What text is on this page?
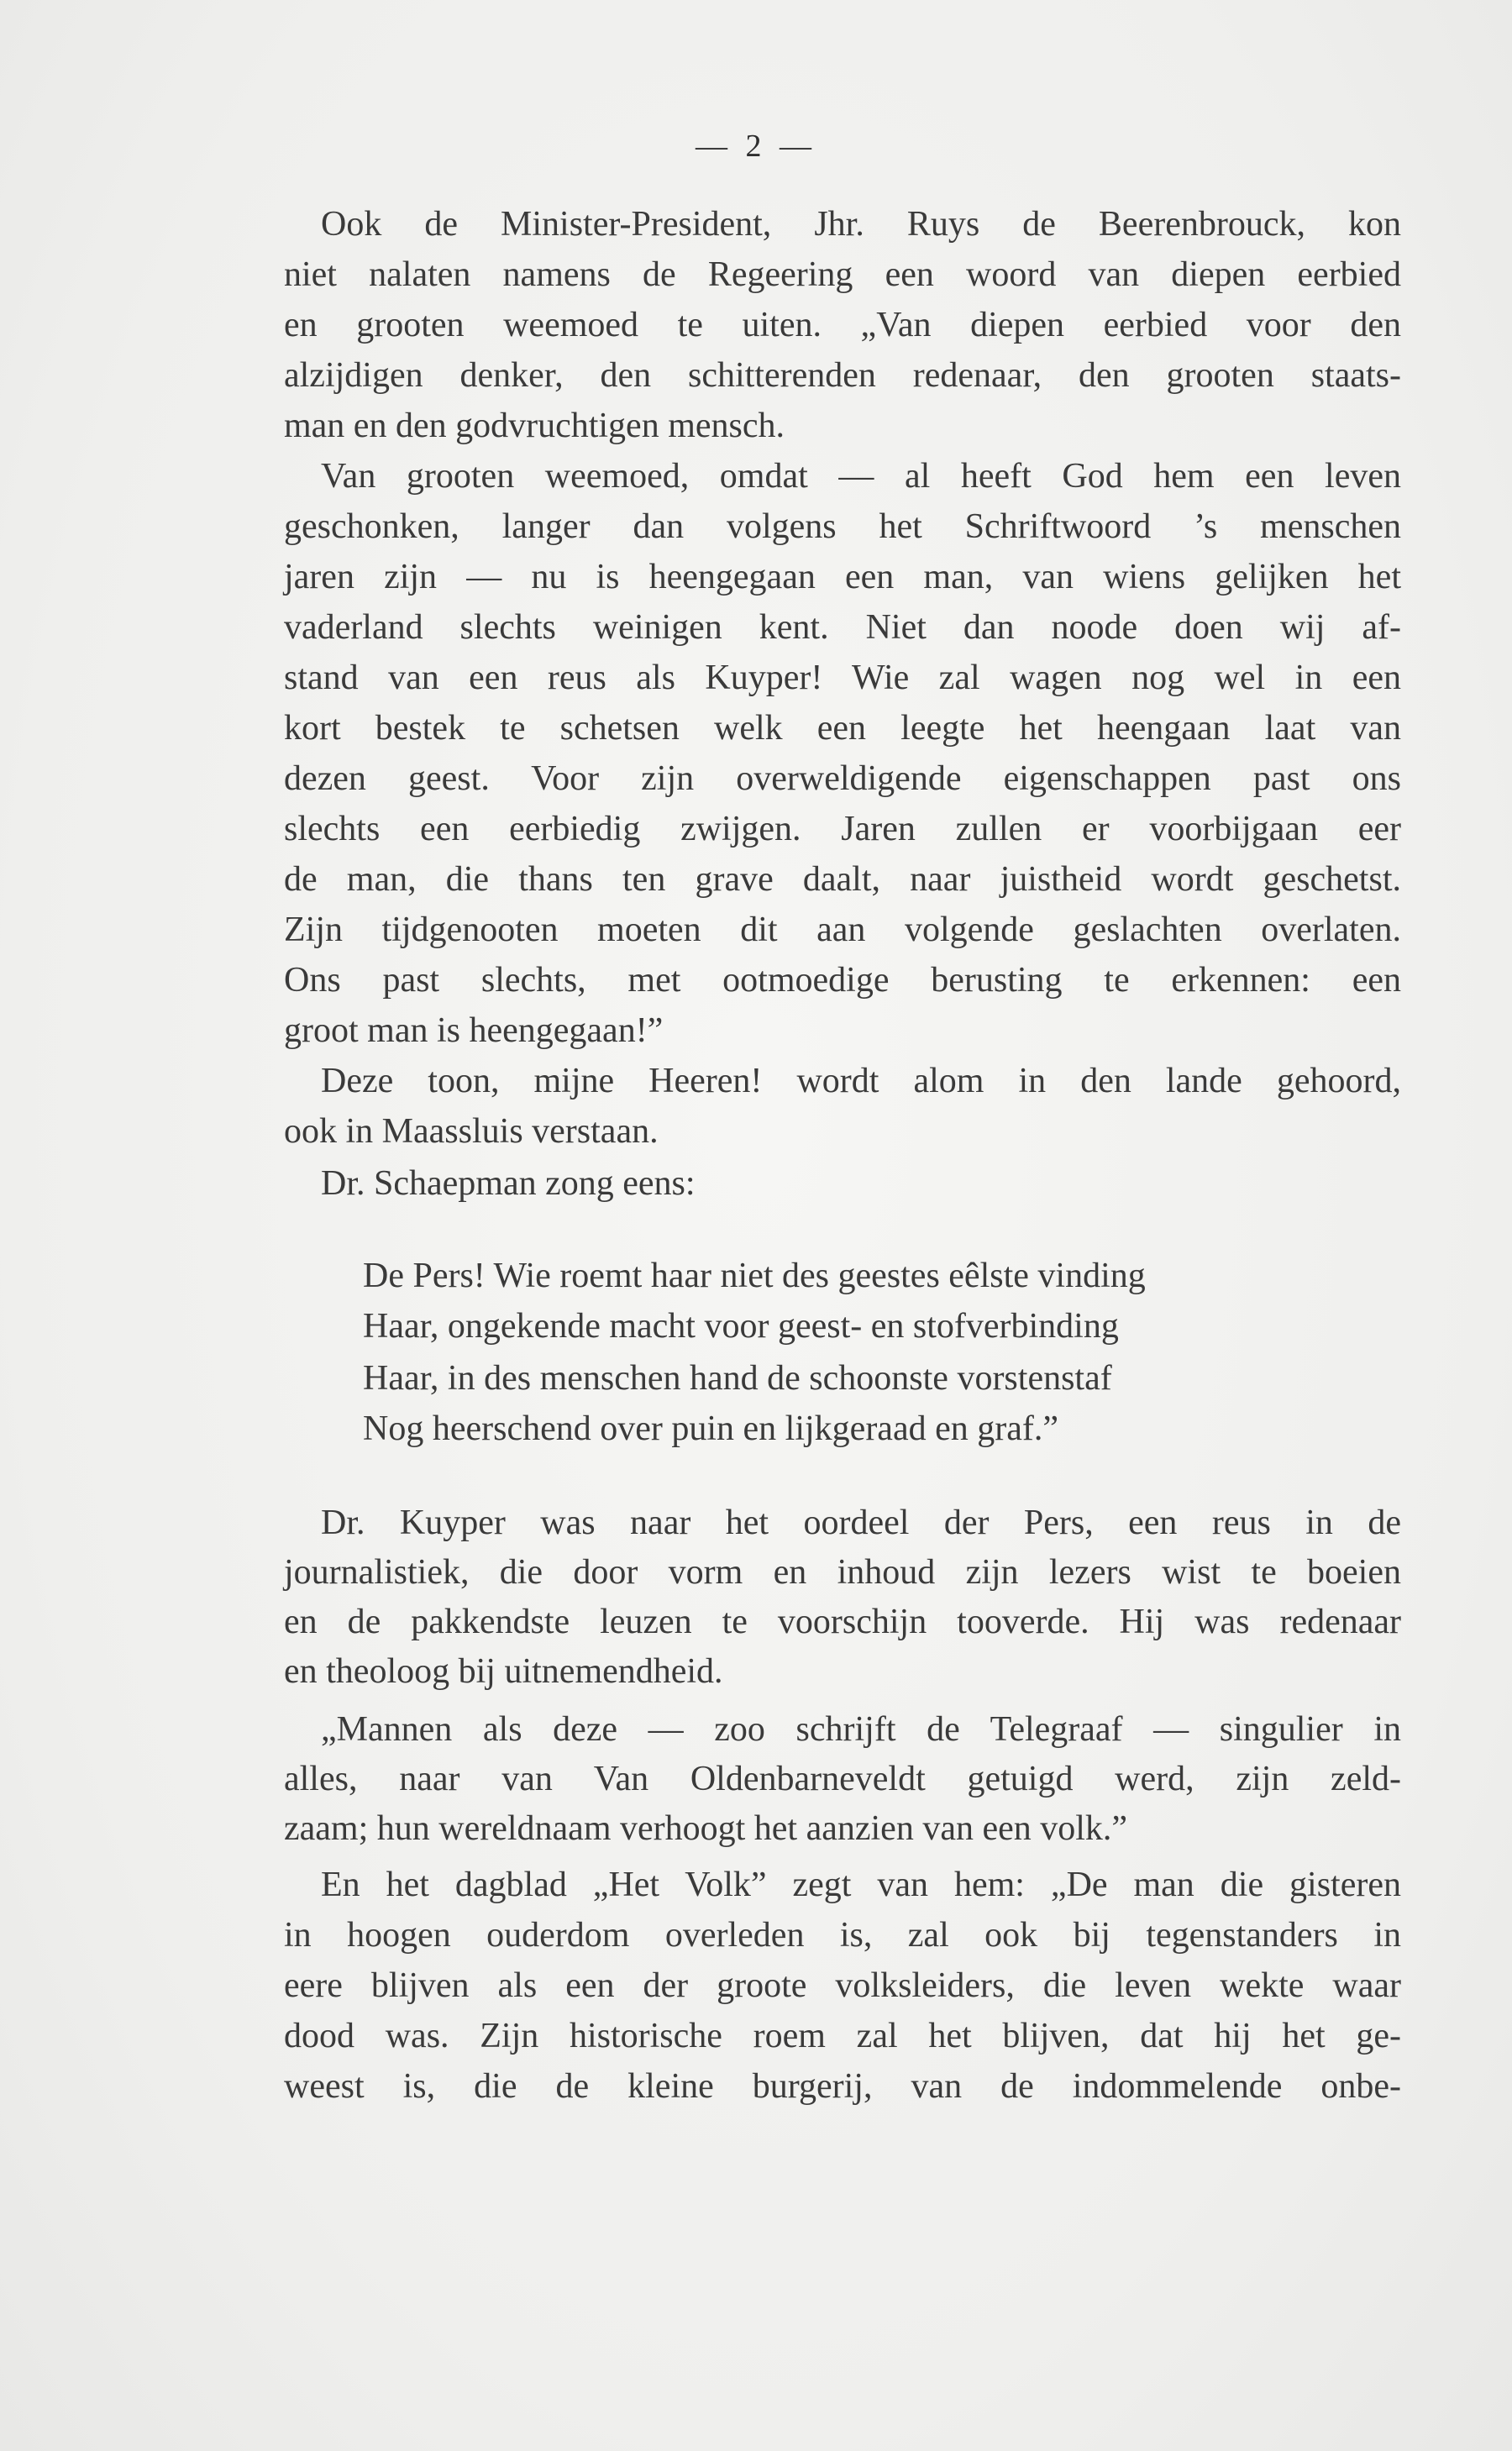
— 2 —

Ook de Minister-President, Jhr. Ruys de Beerenbrouck, kon

niet nalaten namens de Regeering een woord van diepen eerbied

en grooten weemoed te uiten. „Van diepen eerbied voor den

alzijdigen denker, den schitterenden redenaar, den grooten staats-

man en den godvruchtigen mensch.

Van grooten weemoed, omdat — al heeft God hem een leven

geschonken, langer dan volgens het Schriftwoord ’s menschen

jaren zijn — nu is heengegaan een man, van wiens gelijken het

vaderland slechts weinigen kent. Niet dan noode doen wij af-

stand van een reus als Kuyper! Wie zal wagen nog wel in een

kort bestek te schetsen welk een leegte het heengaan laat van

dezen geest. Voor zijn overweldigende eigenschappen past ons

slechts een eerbiedig zwijgen. Jaren zullen er voorbijgaan eer

de man, die thans ten grave daalt, naar juistheid wordt geschetst.

Zijn tijdgenooten moeten dit aan volgende geslachten overlaten.

Ons past slechts, met ootmoedige berusting te erkennen: een

groot man is heengegaan!”

Deze toon, mijne Heeren! wordt alom in den lande gehoord,

ook in Maassluis verstaan.

Dr. Schaepman zong eens:

De Pers! Wie roemt haar niet des geestes eêlste vinding

Haar, ongekende macht voor geest- en stofverbinding

Haar, in des menschen hand de schoonste vorstenstaf

Nog heerschend over puin en lijkgeraad en graf.”

Dr. Kuyper was naar het oordeel der Pers, een reus in de

journalistiek, die door vorm en inhoud zijn lezers wist te boeien

en de pakkendste leuzen te voorschijn tooverde. Hij was redenaar

en theoloog bij uitnemendheid.

„Mannen als deze — zoo schrijft de Telegraaf — singulier in

alles, naar van Van Oldenbarneveldt getuigd werd, zijn zeld-

zaam; hun wereldnaam verhoogt het aanzien van een volk.”

En het dagblad „Het Volk” zegt van hem: „De man die gisteren

in hoogen ouderdom overleden is, zal ook bij tegenstanders in

eere blijven als een der groote volksleiders, die leven wekte waar

dood was. Zijn historische roem zal het blijven, dat hij het ge-

weest is, die de kleine burgerij, van de indommelende onbe-
